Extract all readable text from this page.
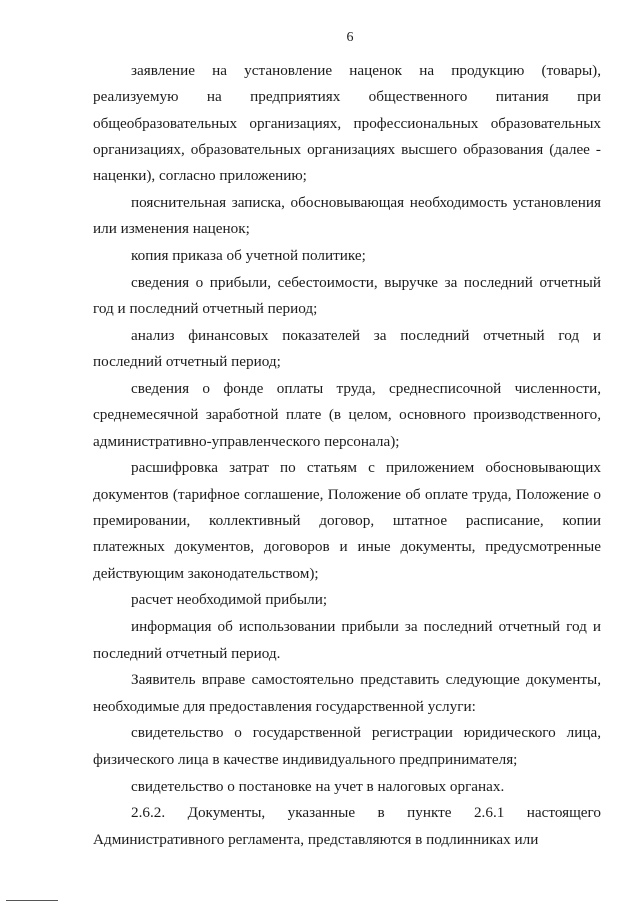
6

заявление на установление наценок на продукцию (товары), реализуемую на предприятиях общественного питания при общеобразовательных организациях, профессиональных образовательных организациях, образовательных организациях высшего образования (далее - наценки), согласно приложению;

пояснительная записка, обосновывающая необходимость установления или изменения наценок;

копия приказа об учетной политике;

сведения о прибыли, себестоимости, выручке за последний отчетный год и последний отчетный период;

анализ финансовых показателей за последний отчетный год и последний отчетный период;

сведения о фонде оплаты труда, среднесписочной численности, среднемесячной заработной плате (в целом, основного производственного, административно-управленческого персонала);

расшифровка затрат по статьям с приложением обосновывающих документов (тарифное соглашение, Положение об оплате труда, Положение о премировании, коллективный договор, штатное расписание, копии платежных документов, договоров и иные документы, предусмотренные действующим законодательством);

расчет необходимой прибыли;

информация об использовании прибыли за последний отчетный год и последний отчетный период.

Заявитель вправе самостоятельно представить следующие документы, необходимые для предоставления государственной услуги:

свидетельство о государственной регистрации юридического лица, физического лица в качестве индивидуального предпринимателя;

свидетельство о постановке на учет в налоговых органах.

2.6.2. Документы, указанные в пункте 2.6.1 настоящего Административного регламента, представляются в подлинниках или
